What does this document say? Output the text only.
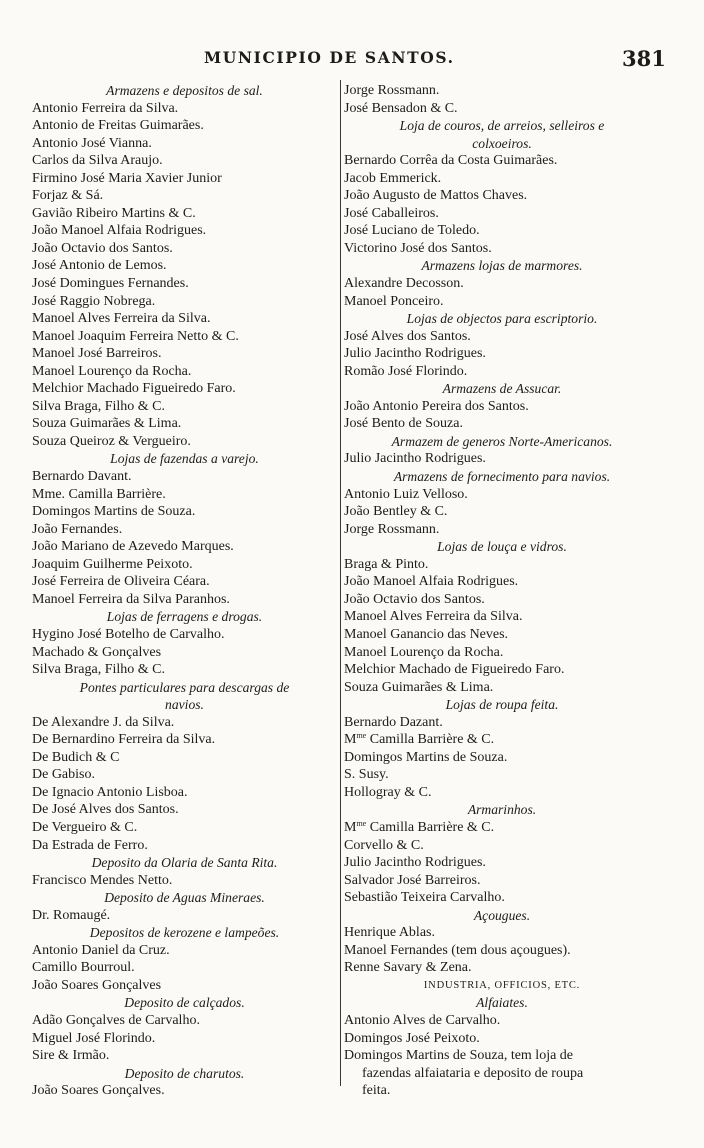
MUNICIPIO DE SANTOS.	381
Armazens e depositos de sal.
Antonio Ferreira da Silva.
Antonio de Freitas Guimarães.
Antonio José Vianna.
Carlos da Silva Araujo.
Firmino José Maria Xavier Junior
Forjaz & Sá.
Gavião Ribeiro Martins & C.
João Manoel Alfaia Rodrigues.
João Octavio dos Santos.
José Antonio de Lemos.
José Domingues Fernandes.
José Raggio Nobrega.
Manoel Alves Ferreira da Silva.
Manoel Joaquim Ferreira Netto & C.
Manoel José Barreiros.
Manoel Lourenço da Rocha.
Melchior Machado Figueiredo Faro.
Silva Braga, Filho & C.
Souza Guimarães & Lima.
Souza Queiroz & Vergueiro.
Lojas de fazendas a varejo.
Bernardo Davant.
Mme. Camilla Barrière.
Domingos Martins de Souza.
João Fernandes.
João Mariano de Azevedo Marques.
Joaquim Guilherme Peixoto.
José Ferreira de Oliveira Céara.
Manoel Ferreira da Silva Paranhos.
Lojas de ferragens e drogas.
Hygino José Botelho de Carvalho.
Machado & Gonçalves
Silva Braga, Filho & C.
Pontes particulares para descargas de
navios.
De Alexandre J. da Silva.
De Bernardino Ferreira da Silva.
De Budich & C
De Gabiso.
De Ignacio Antonio Lisboa.
De José Alves dos Santos.
De Vergueiro & C.
Da Estrada de Ferro.
Deposito da Olaria de Santa Rita.
Francisco Mendes Netto.
Deposito de Aguas Mineraes.
Dr. Romaugé.
Depositos de kerozene e lampeões.
Antonio Daniel da Cruz.
Camillo Bourroul.
João Soares Gonçalves
Deposito de calçados.
Adão Gonçalves de Carvalho.
Miguel José Florindo.
Sire & Irmão.
Deposito de charutos.
João Soares Gonçalves.
Jorge Rossmann.
José Bensadon & C.
Loja de couros, de arreios, selleiros e
colxoeiros.
Bernardo Corrêa da Costa Guimarães.
Jacob Emmerick.
João Augusto de Mattos Chaves.
José Caballeiros.
José Luciano de Toledo.
Victorino José dos Santos.
Armazens lojas de marmores.
Alexandre Decosson.
Manoel Ponceiro.
Lojas de objectos para escriptorio.
José Alves dos Santos.
Julio Jacintho Rodrigues.
Romão José Florindo.
Armazens de Assucar.
João Antonio Pereira dos Santos.
José Bento de Souza.
Armazem de generos Norte-Americanos.
Julio Jacintho Rodrigues.
Armazens de fornecimento para navios.
Antonio Luiz Velloso.
João Bentley & C.
Jorge Rossmann.
Lojas de louça e vidros.
Braga & Pinto.
João Manoel Alfaia Rodrigues.
João Octavio dos Santos.
Manoel Alves Ferreira da Silva.
Manoel Ganancio das Neves.
Manoel Lourenço da Rocha.
Melchior Machado de Figueiredo Faro.
Souza Guimarães & Lima.
Lojas de roupa feita.
Bernardo Dazant.
$M^{me}$ Camilla Barrière & C.
Domingos Martins de Souza.
S. Susy.
Hollogray & C.
Armarinhos.
$M^{me}$ Camilla Barrière & C.
Corvello & C.
Julio Jacintho Rodrigues.
Salvador José Barreiros.
Sebastião Teixeira Carvalho.
Açougues.
Henrique Ablas.
Manoel Fernandes (tem dous açougues).
Renne Savary & Zena.
INDUSTRIA, OFFICIOS, ETC.
Alfaiates.
Antonio Alves de Carvalho.
Domingos José Peixoto.
Domingos Martins de Souza, tem loja de
fazendas alfaiataria e deposito de roupa
feita.
